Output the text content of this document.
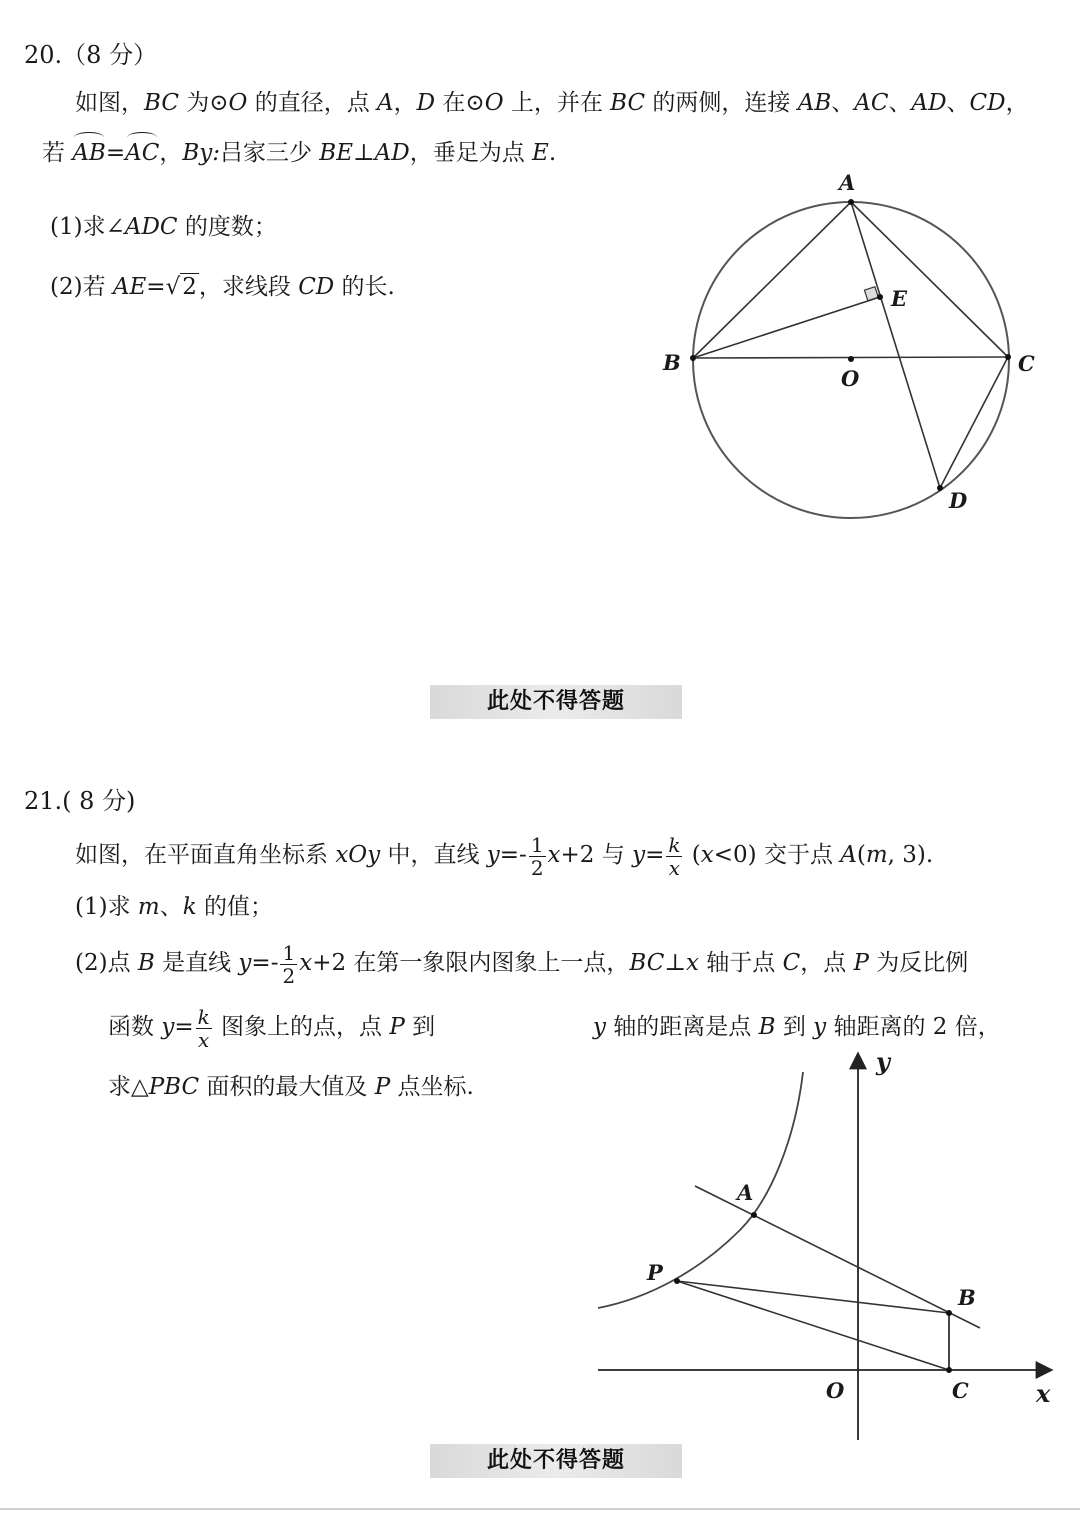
20.（8 分）
如图，BC 为⊙O 的直径，点 A，D 在⊙O 上，并在 BC 的两侧，连接 AB、AC、AD、CD，
若 AB=AC，By:吕家三少 BE⊥AD，垂足为点 E.
(1)求∠ADC 的度数；
(2)若 AE=√2，求线段 CD 的长.
A
B	C
D
E
O
此处不得答题
21.( 8 分)
如图，在平面直角坐标系 xOy 中，直线 $y=- \frac{1}{2} x+2$ 与 $y= \frac{k}{x} (x<0)$ 交于点 A(m, 3).
(1)求 m、k 的值；
(2)点 B 是直线 $y=- \frac{1}{2} x+2$ 在第一象限内图象上一点，BC⊥x 轴于点 C，点 P 为反比例
函数 $y= \frac{k}{x}$ 图象上的点，点 P 到	y 轴的距离是点 B 到 y 轴距离的 2 倍，
求△PBC 面积的最大值及 P 点坐标.
A
P
B
C
O	x
y
此处不得答题
